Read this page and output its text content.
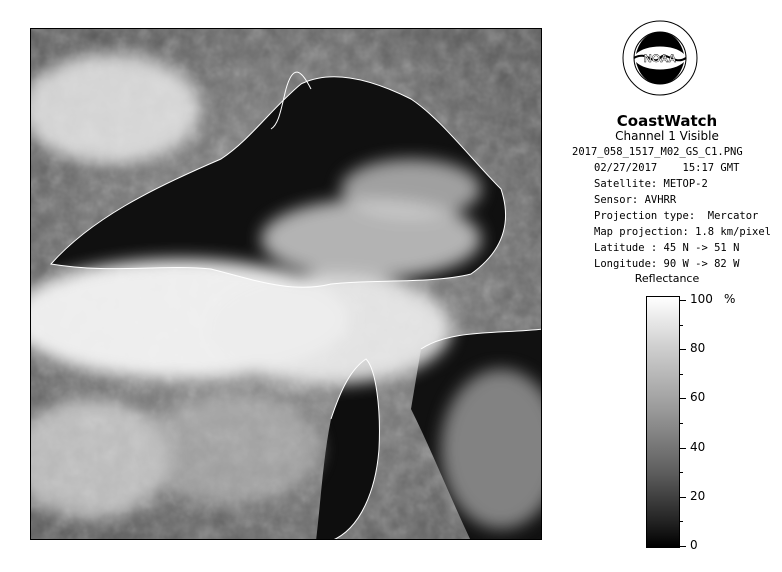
NOAA
CoastWatch
Channel 1 Visible
2017_058_1517_M02_GS_C1.PNG
02/27/2017    15:17 GMT
Satellite: METOP-2
Sensor: AVHRR
Projection type:  Mercator
Map projection: 1.8 km/pixel
Latitude : 45 N -> 51 N
Longitude: 90 W -> 82 W
Reflectance
%
100
80
60
40
20
0
